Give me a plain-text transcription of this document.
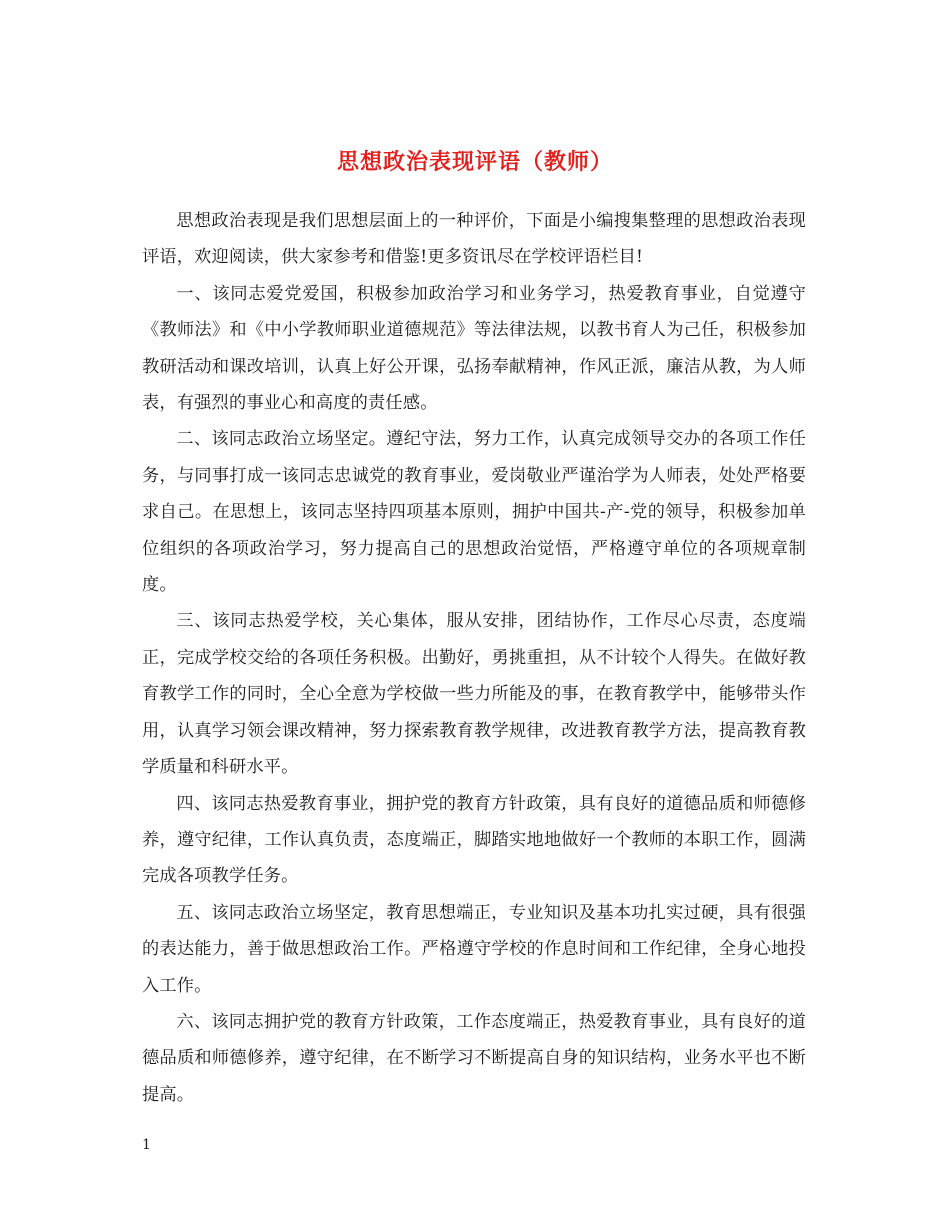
思想政治表现评语（教师）

思想政治表现是我们思想层面上的一种评价，下面是小编搜集整理的思想政治表现评语，欢迎阅读，供大家参考和借鉴!更多资讯尽在学校评语栏目!

一、该同志爱党爱国，积极参加政治学习和业务学习，热爱教育事业，自觉遵守《教师法》和《中小学教师职业道德规范》等法律法规，以教书育人为己任，积极参加教研活动和课改培训，认真上好公开课，弘扬奉献精神，作风正派，廉洁从教，为人师表，有强烈的事业心和高度的责任感。

二、该同志政治立场坚定。遵纪守法，努力工作，认真完成领导交办的各项工作任务，与同事打成一该同志忠诚党的教育事业，爱岗敬业严谨治学为人师表，处处严格要求自己。在思想上，该同志坚持四项基本原则，拥护中国共-产-党的领导，积极参加单位组织的各项政治学习，努力提高自己的思想政治觉悟，严格遵守单位的各项规章制度。

三、该同志热爱学校，关心集体，服从安排，团结协作，工作尽心尽责，态度端正，完成学校交给的各项任务积极。出勤好，勇挑重担，从不计较个人得失。在做好教育教学工作的同时，全心全意为学校做一些力所能及的事，在教育教学中，能够带头作用，认真学习领会课改精神，努力探索教育教学规律，改进教育教学方法，提高教育教学质量和科研水平。

四、该同志热爱教育事业，拥护党的教育方针政策，具有良好的道德品质和师德修养，遵守纪律，工作认真负责，态度端正，脚踏实地地做好一个教师的本职工作，圆满完成各项教学任务。

五、该同志政治立场坚定，教育思想端正，专业知识及基本功扎实过硬，具有很强的表达能力，善于做思想政治工作。严格遵守学校的作息时间和工作纪律，全身心地投入工作。

六、该同志拥护党的教育方针政策，工作态度端正，热爱教育事业，具有良好的道德品质和师德修养，遵守纪律，在不断学习不断提高自身的知识结构，业务水平也不断提高。

1
